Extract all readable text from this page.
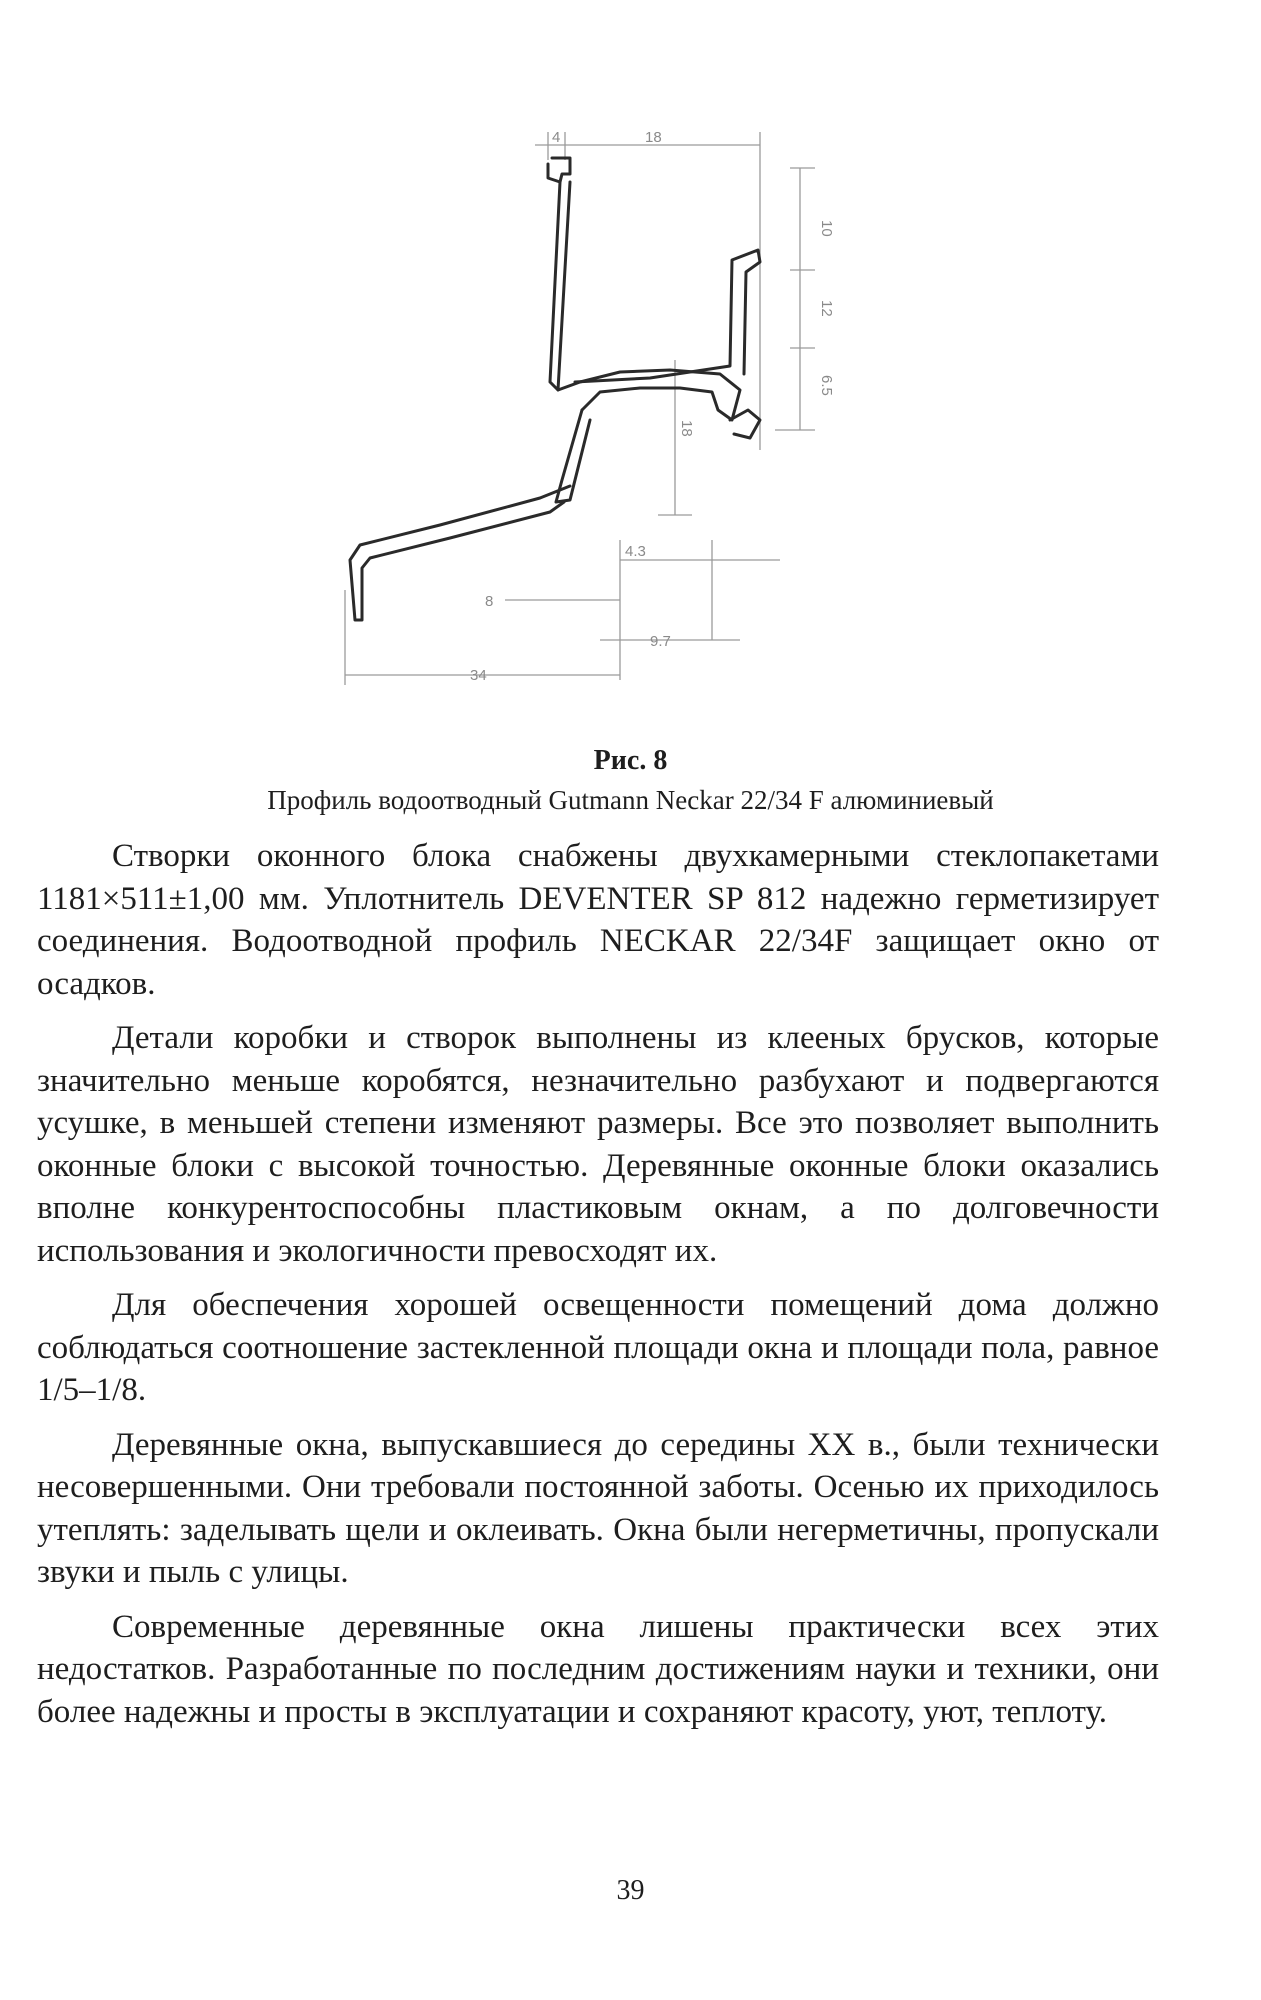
4	18
10
12
6.5
18
4.3
8
9.7
34
Рис. 8
Профиль водоотводный Gutmann Neckar 22/34 F алюминиевый

Створки оконного блока снабжены двухкамерными стеклопакетами 1181×511±1,00 мм. Уплотнитель DEVENTER SP 812 надежно герметизирует соединения. Водоотводной профиль NECKAR 22/34F защищает окно от осадков.

Детали коробки и створок выполнены из клееных брусков, которые значительно меньше коробятся, незначительно разбухают и подвергаются усушке, в меньшей степени изменяют размеры. Все это позволяет выполнить оконные блоки с высокой точностью. Деревянные оконные блоки оказались вполне конкурентоспособны пластиковым окнам, а по долговечности использования и экологичности превосходят их.

Для обеспечения хорошей освещенности помещений дома должно соблюдаться соотношение застекленной площади окна и площади пола, равное 1/5–1/8.

Деревянные окна, выпускавшиеся до середины XX в., были технически несовершенными. Они требовали постоянной заботы. Осенью их приходилось утеплять: заделывать щели и оклеивать. Окна были негерметичны, пропускали звуки и пыль с улицы.

Современные деревянные окна лишены практически всех этих недостатков. Разработанные по последним достижениям науки и техники, они более надежны и просты в эксплуатации и сохраняют красоту, уют, теплоту.

39
